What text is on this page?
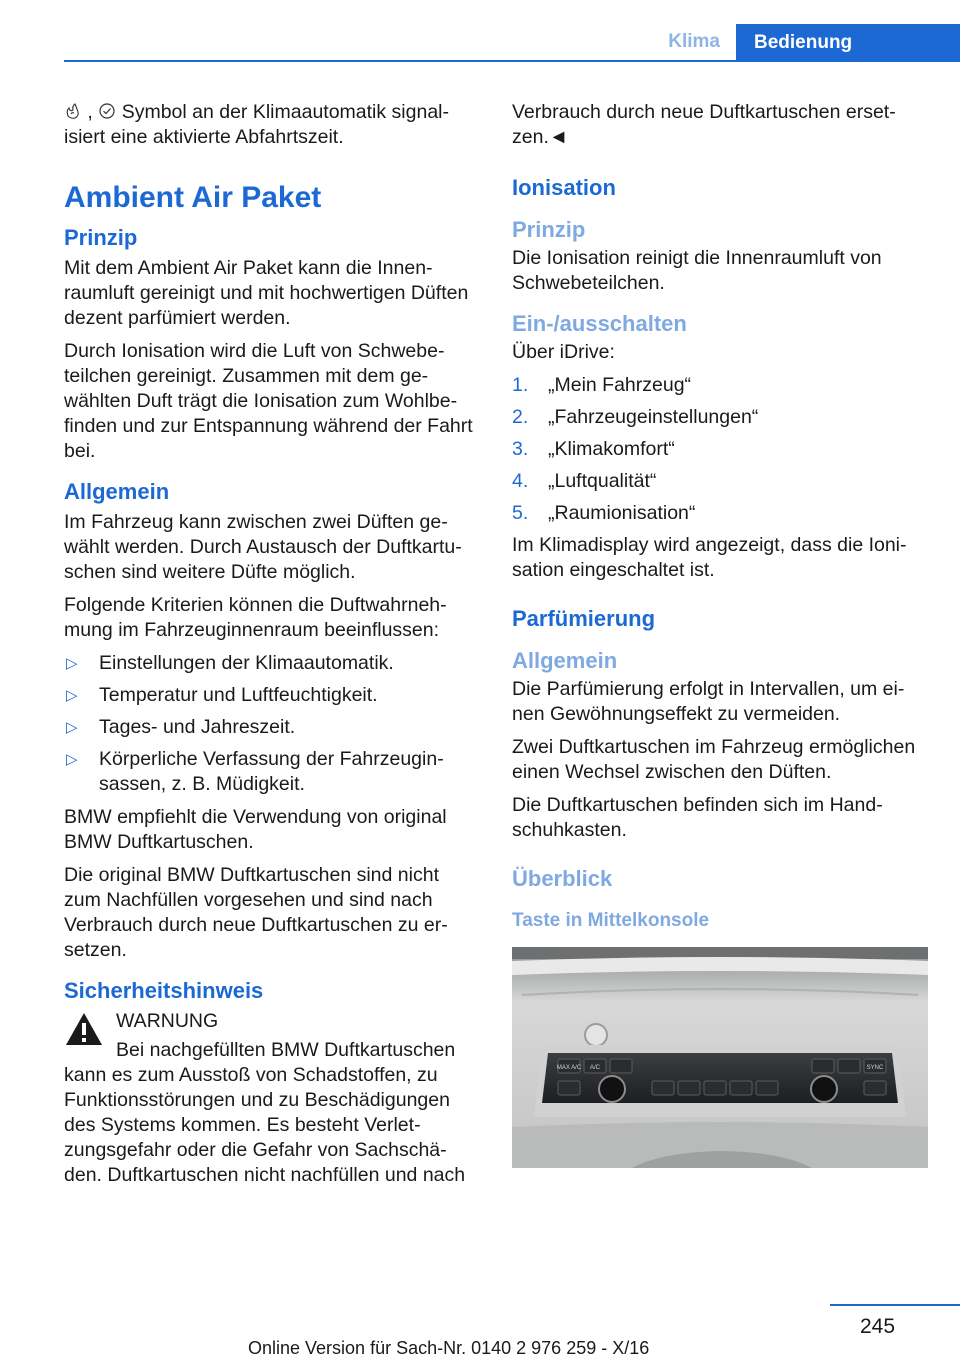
Klima	Bedienung

, Symbol an der Klimaautomatik signalisiert eine aktivierte Abfahrtszeit.

Ambient Air Paket
Prinzip

Mit dem Ambient Air Paket kann die Innenraumluft gereinigt und mit hochwertigen Düften dezent parfümiert werden.

Durch Ionisation wird die Luft von Schwebeteilchen gereinigt. Zusammen mit dem gewählten Duft trägt die Ionisation zum Wohlbefinden und zur Entspannung während der Fahrt bei.

Allgemein

Im Fahrzeug kann zwischen zwei Düften gewählt werden. Durch Austausch der Duftkartuschen sind weitere Düfte möglich.

Folgende Kriterien können die Duftwahrnehmung im Fahrzeuginnenraum beeinflussen:

▷ Einstellungen der Klimaautomatik.
▷ Temperatur und Luftfeuchtigkeit.
▷ Tages- und Jahreszeit.
▷ Körperliche Verfassung der Fahrzeuginsassen, z. B. Müdigkeit.

BMW empfiehlt die Verwendung von original BMW Duftkartuschen.

Die original BMW Duftkartuschen sind nicht zum Nachfüllen vorgesehen und sind nach Verbrauch durch neue Duftkartuschen zu ersetzen.

Sicherheitshinweis

WARNUNG

Bei nachgefüllten BMW Duftkartuschen kann es zum Ausstoß von Schadstoffen, zu Funktionsstörungen und zu Beschädigungen des Systems kommen. Es besteht Verletzungsgefahr oder die Gefahr von Sachschäden. Duftkartuschen nicht nachfüllen und nach

Verbrauch durch neue Duftkartuschen ersetzen.◄

Ionisation
Prinzip

Die Ionisation reinigt die Innenraumluft von Schwebeteilchen.

Ein-/ausschalten

Über iDrive:

1. „Mein Fahrzeug“
2. „Fahrzeugeinstellungen“
3. „Klimakomfort“
4. „Luftqualität“
5. „Raumionisation“

Im Klimadisplay wird angezeigt, dass die Ionisation eingeschaltet ist.

Parfümierung
Allgemein

Die Parfümierung erfolgt in Intervallen, um einen Gewöhnungseffekt zu vermeiden.

Zwei Duftkartuschen im Fahrzeug ermöglichen einen Wechsel zwischen den Düften.

Die Duftkartuschen befinden sich im Handschuhkasten.

Überblick
Taste in Mittelkonsole
MAX A/C A/C	SYNC
245
Online Version für Sach-Nr. 0140 2 976 259 - X/16
